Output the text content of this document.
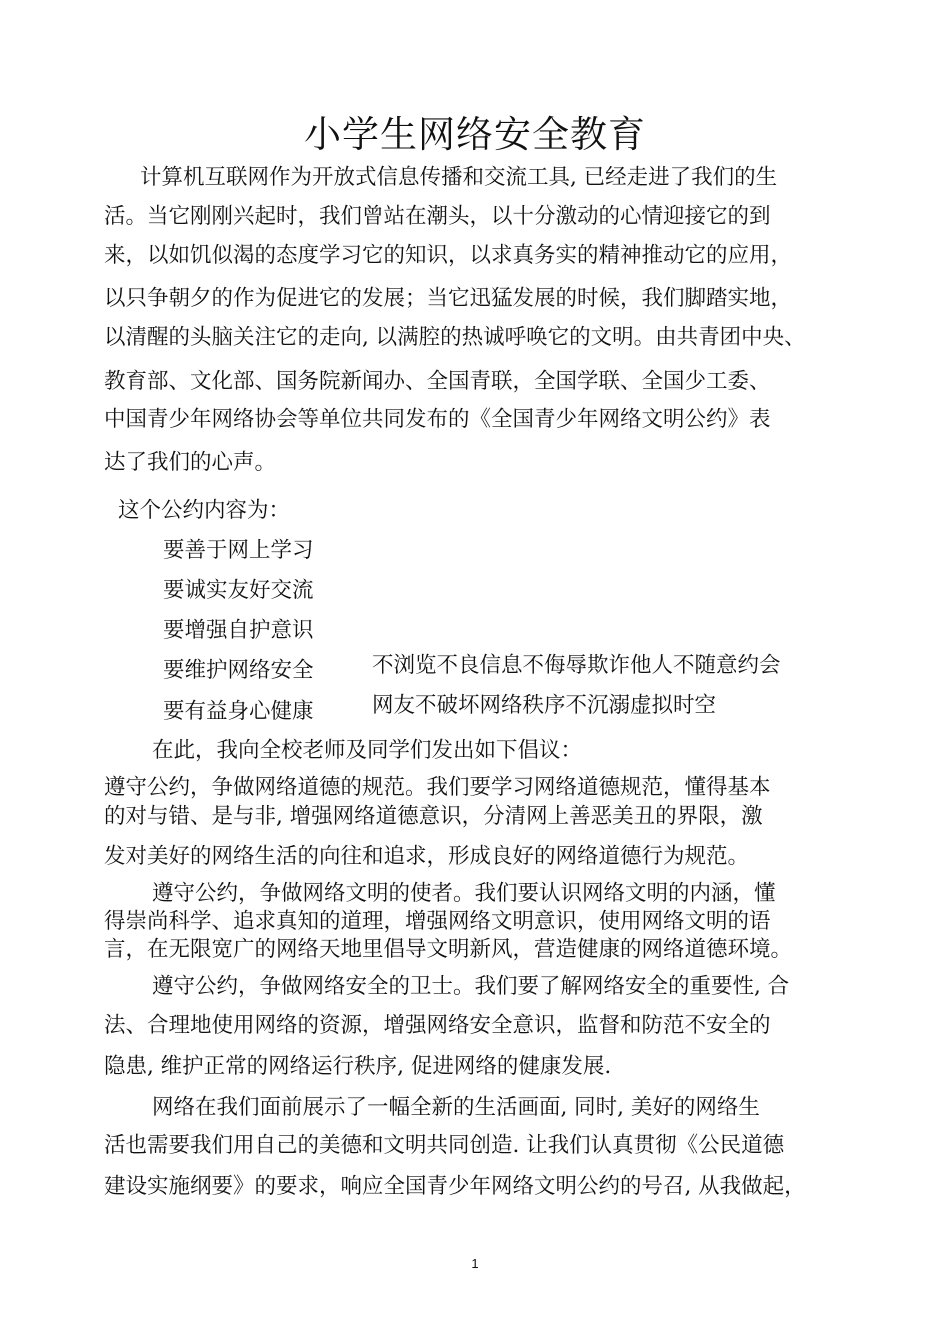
小学生网络安全教育
计算机互联网作为开放式信息传播和交流工具, 已经走进了我们的生
活。当它刚刚兴起时，我们曾站在潮头，以十分激动的心情迎接它的到
来，以如饥似渴的态度学习它的知识，以求真务实的精神推动它的应用，
以只争朝夕的作为促进它的发展；当它迅猛发展的时候，我们脚踏实地，
以清醒的头脑关注它的走向, 以满腔的热诚呼唤它的文明。由共青团中央、
教育部、文化部、国务院新闻办、全国青联，全国学联、全国少工委、
中国青少年网络协会等单位共同发布的《全国青少年网络文明公约》表
达了我们的心声。
这个公约内容为：
要善于网上学习
要诚实友好交流
要增强自护意识
要维护网络安全
要有益身心健康
不浏览不良信息不侮辱欺诈他人不随意约会
网友不破坏网络秩序不沉溺虚拟时空
在此，我向全校老师及同学们发出如下倡议：
遵守公约，争做网络道德的规范。我们要学习网络道德规范，懂得基本
的对与错、是与非, 增强网络道德意识，分清网上善恶美丑的界限，激
发对美好的网络生活的向往和追求，形成良好的网络道德行为规范。
遵守公约，争做网络文明的使者。我们要认识网络文明的内涵，懂
得崇尚科学、追求真知的道理，增强网络文明意识，使用网络文明的语
言，在无限宽广的网络天地里倡导文明新风，营造健康的网络道德环境。
遵守公约，争做网络安全的卫士。我们要了解网络安全的重要性, 合
法、合理地使用网络的资源，增强网络安全意识，监督和防范不安全的
隐患, 维护正常的网络运行秩序, 促进网络的健康发展.
网络在我们面前展示了一幅全新的生活画面, 同时, 美好的网络生
活也需要我们用自己的美德和文明共同创造. 让我们认真贯彻《公民道德
建设实施纲要》的要求，响应全国青少年网络文明公约的号召, 从我做起，
1
